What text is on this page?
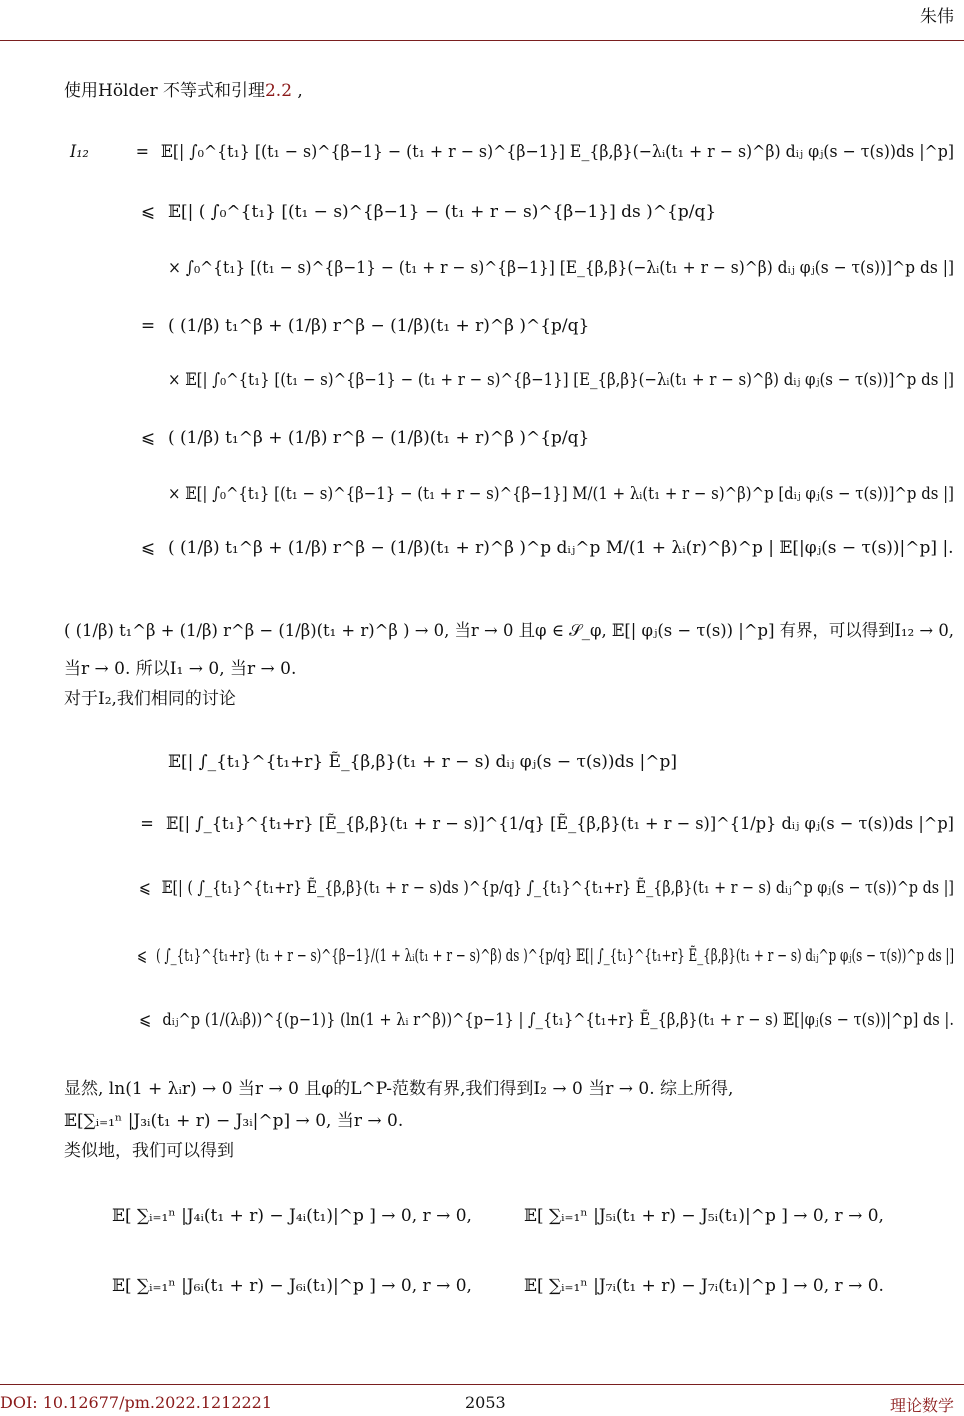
朱伟
使用Hölder 不等式和引理2.2 ,
I₁₂	= 𝔼[| ∫₀^{t₁} [(t₁ − s)^{β−1} − (t₁ + r − s)^{β−1}] E_{β,β}(−λᵢ(t₁ + r − s)^β) dᵢⱼ φⱼ(s − τ(s))ds |^p]
⩽ 𝔼[| ( ∫₀^{t₁} [(t₁ − s)^{β−1} − (t₁ + r − s)^{β−1}] ds )^{p/q}
× ∫₀^{t₁} [(t₁ − s)^{β−1} − (t₁ + r − s)^{β−1}] [E_{β,β}(−λᵢ(t₁ + r − s)^β) dᵢⱼ φⱼ(s − τ(s))]^p ds |]
= ( (1/β) t₁^β + (1/β) r^β − (1/β)(t₁ + r)^β )^{p/q}
× 𝔼[| ∫₀^{t₁} [(t₁ − s)^{β−1} − (t₁ + r − s)^{β−1}] [E_{β,β}(−λᵢ(t₁ + r − s)^β) dᵢⱼ φⱼ(s − τ(s))]^p ds |]
⩽ ( (1/β) t₁^β + (1/β) r^β − (1/β)(t₁ + r)^β )^{p/q}
× 𝔼[| ∫₀^{t₁} [(t₁ − s)^{β−1} − (t₁ + r − s)^{β−1}] M/(1 + λᵢ(t₁ + r − s)^β)^p [dᵢⱼ φⱼ(s − τ(s))]^p ds |]
⩽ ( (1/β) t₁^β + (1/β) r^β − (1/β)(t₁ + r)^β )^p dᵢⱼ^p M/(1 + λᵢ(r)^β)^p | 𝔼[|φⱼ(s − τ(s))|^p] |.
( (1/β) t₁^β + (1/β) r^β − (1/β)(t₁ + r)^β ) → 0, 当r → 0 且φ ∈ 𝒮_φ, 𝔼[| φⱼ(s − τ(s)) |^p] 有界，可以得到I₁₂ → 0,
当r → 0. 所以I₁ → 0, 当r → 0.
对于I₂,我们相同的讨论
𝔼[| ∫_{t₁}^{t₁+r} Ẽ_{β,β}(t₁ + r − s) dᵢⱼ φⱼ(s − τ(s))ds |^p]
= 𝔼[| ∫_{t₁}^{t₁+r} [Ẽ_{β,β}(t₁ + r − s)]^{1/q} [Ẽ_{β,β}(t₁ + r − s)]^{1/p} dᵢⱼ φⱼ(s − τ(s))ds |^p]
⩽ 𝔼[| ( ∫_{t₁}^{t₁+r} Ẽ_{β,β}(t₁ + r − s)ds )^{p/q} ∫_{t₁}^{t₁+r} Ẽ_{β,β}(t₁ + r − s) dᵢⱼ^p φⱼ(s − τ(s))^p ds |]
⩽ ( ∫_{t₁}^{t₁+r} (t₁ + r − s)^{β−1}/(1 + λᵢ(t₁ + r − s)^β) ds )^{p/q} 𝔼[| ∫_{t₁}^{t₁+r} Ẽ_{β,β}(t₁ + r − s) dᵢⱼ^p φⱼ(s − τ(s))^p ds |]
⩽ dᵢⱼ^p (1/(λᵢβ))^{(p−1)} (ln(1 + λᵢ r^β))^{p−1} | ∫_{t₁}^{t₁+r} Ẽ_{β,β}(t₁ + r − s) 𝔼[|φⱼ(s − τ(s))|^p] ds |.
显然, ln(1 + λᵢr) → 0 当r → 0 且φ的L^P-范数有界,我们得到I₂ → 0 当r → 0. 综上所得,
𝔼[∑ᵢ₌₁ⁿ |J₃ᵢ(t₁ + r) − J₃ᵢ|^p] → 0, 当r → 0.
类似地，我们可以得到
𝔼[ ∑ᵢ₌₁ⁿ |J₄ᵢ(t₁ + r) − J₄ᵢ(t₁)|^p ] → 0, r → 0,	𝔼[ ∑ᵢ₌₁ⁿ |J₅ᵢ(t₁ + r) − J₅ᵢ(t₁)|^p ] → 0, r → 0,
𝔼[ ∑ᵢ₌₁ⁿ |J₆ᵢ(t₁ + r) − J₆ᵢ(t₁)|^p ] → 0, r → 0,	𝔼[ ∑ᵢ₌₁ⁿ |J₇ᵢ(t₁ + r) − J₇ᵢ(t₁)|^p ] → 0, r → 0.
DOI: 10.12677/pm.2022.1212221	2053	理论数学
